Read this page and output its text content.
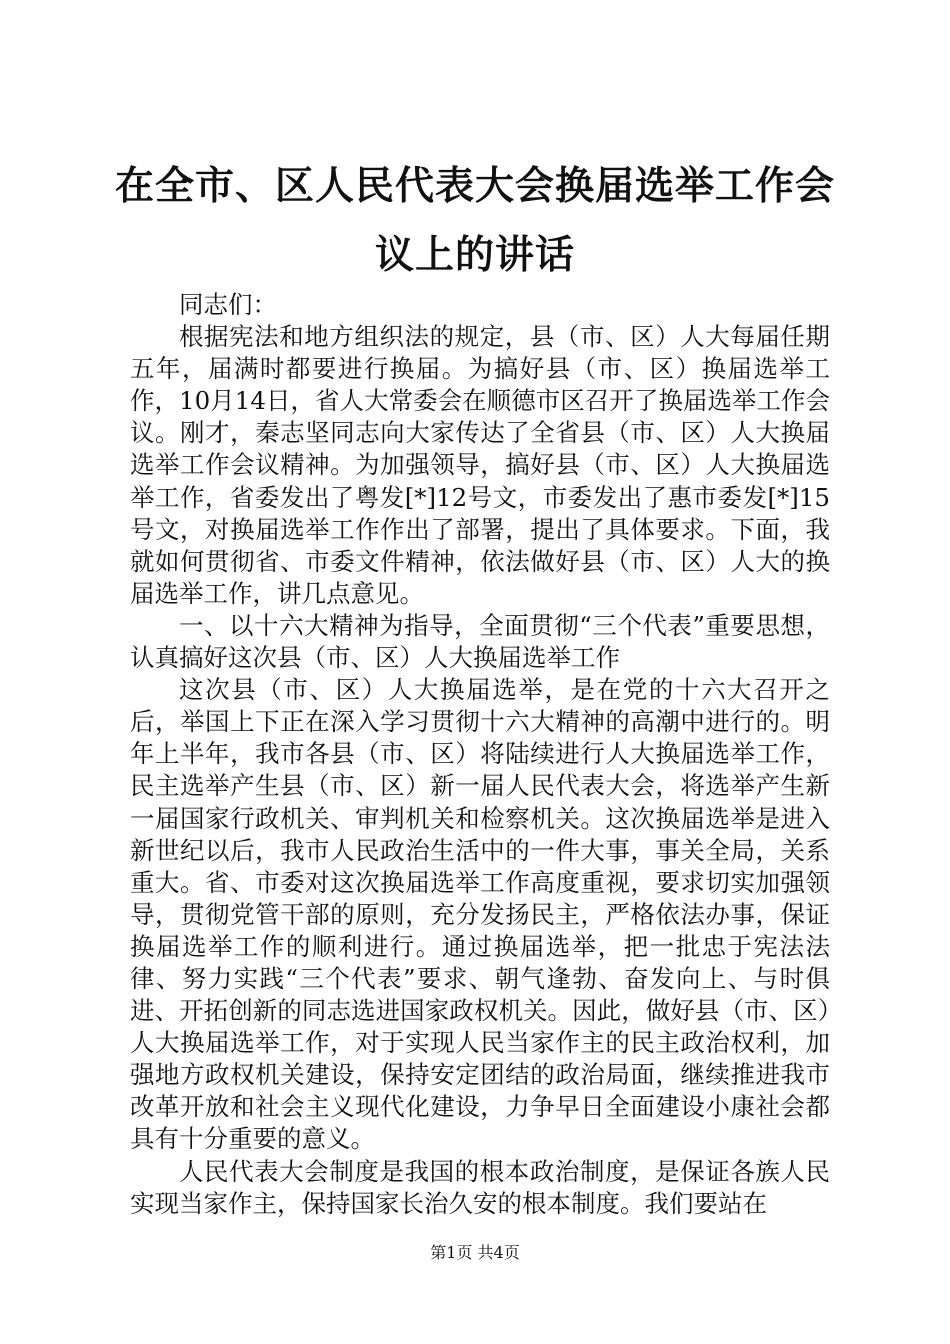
在全市、区人民代表大会换届选举工作会议上的讲话

同志们：

根据宪法和地方组织法的规定，县（市、区）人大每届任期五年，届满时都要进行换届。为搞好县（市、区）换届选举工作，10月14日，省人大常委会在顺德市区召开了换届选举工作会议。刚才，秦志坚同志向大家传达了全省县（市、区）人大换届选举工作会议精神。为加强领导，搞好县（市、区）人大换届选举工作，省委发出了粤发[*]12号文，市委发出了惠市委发[*]15号文，对换届选举工作作出了部署，提出了具体要求。下面，我就如何贯彻省、市委文件精神，依法做好县（市、区）人大的换届选举工作，讲几点意见。

一、以十六大精神为指导，全面贯彻“三个代表”重要思想，认真搞好这次县（市、区）人大换届选举工作

这次县（市、区）人大换届选举，是在党的十六大召开之后，举国上下正在深入学习贯彻十六大精神的高潮中进行的。明年上半年，我市各县（市、区）将陆续进行人大换届选举工作，民主选举产生县（市、区）新一届人民代表大会，将选举产生新一届国家行政机关、审判机关和检察机关。这次换届选举是进入新世纪以后，我市人民政治生活中的一件大事，事关全局，关系重大。省、市委对这次换届选举工作高度重视，要求切实加强领导，贯彻党管干部的原则，充分发扬民主，严格依法办事，保证换届选举工作的顺利进行。通过换届选举，把一批忠于宪法法律、努力实践“三个代表”要求、朝气逢勃、奋发向上、与时俱进、开拓创新的同志选进国家政权机关。因此，做好县（市、区）人大换届选举工作，对于实现人民当家作主的民主政治权利，加强地方政权机关建设，保持安定团结的政治局面，继续推进我市改革开放和社会主义现代化建设，力争早日全面建设小康社会都具有十分重要的意义。

人民代表大会制度是我国的根本政治制度，是保证各族人民实现当家作主，保持国家长治久安的根本制度。我们要站在

第1页 共4页
